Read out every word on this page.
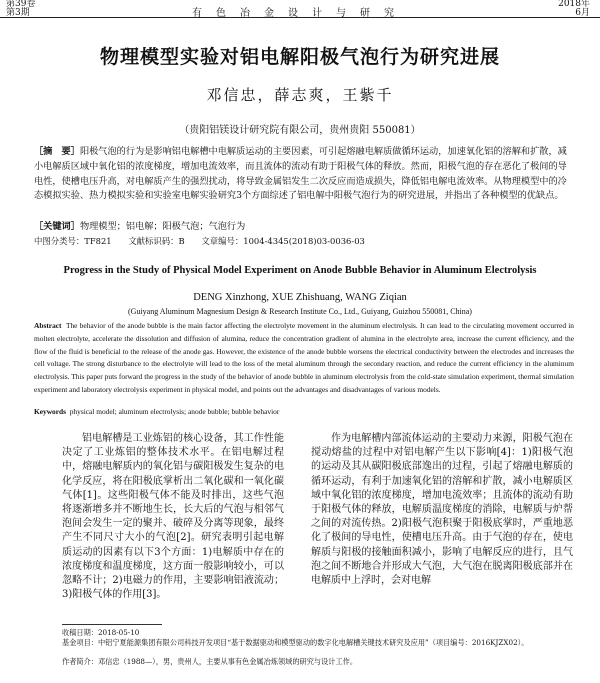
第39卷
第3期	有色冶金设计与研究
2018年
6月
物理模型实验对铝电解阳极气泡行为研究进展
邓信忠，薛志爽，王紫千
（贵阳铝镁设计研究院有限公司，贵州贵阳 550081）
［摘　要］阳极气泡的行为是影响铝电解槽中电解质运动的主要因素，可引起熔融电解质做循环运动，加速氧化铝的溶解和扩散，减小电解质区域中氧化铝的浓度梯度，增加电流效率，而且流体的流动有助于阳极气体的释放。然而，阳极气泡的存在恶化了极间的导电性，使槽电压升高，对电解质产生的强烈扰动，将导致金属铝发生二次反应而造成损失，降低铝电解电流效率。从物理模型中的冷态模拟实验、热力模拟实验和实验室电解实验研究3个方面综述了铝电解中阳极气泡行为的研究进展，并指出了各种模型的优缺点。
［关键词］物理模型；铝电解；阳极气泡；气泡行为
中图分类号：TF821 文献标识码：B 文章编号：1004-4345(2018)03-0036-03
Progress in the Study of Physical Model Experiment on Anode Bubble Behavior in Aluminum Electrolysis
DENG Xinzhong, XUE Zhishuang, WANG Ziqian
(Guiyang Aluminum Magnesium Design & Research Institute Co., Ltd., Guiyang, Guizhou 550081, China)
Abstract The behavior of the anode bubble is the main factor affecting the electrolyte movement in the aluminum electrolysis. It can lead to the circulating movement occurred in molten electrolyte, accelerate the dissolution and diffusion of alumina, reduce the concentration gradient of alumina in the electrolyte area, increase the current efficiency, and the flow of the fluid is beneficial to the release of the anode gas. However, the existence of the anode bubble worsens the electrical conductivity between the electrodes and increases the cell voltage. The strong disturbance to the electrolyte will lead to the loss of the metal aluminum through the secondary reaction, and reduce the current efficiency in the aluminum electrolysis. This paper puts forward the progress in the study of the behavior of anode bubble in aluminum electrolysis from the cold-state simulation experiment, thermal simulation experiment and laboratory electrolysis experiment in physical model, and points out the advantages and disadvantages of various models.
Keywords physical model; aluminum electrolysis; anode bubble; bubble behavior
铝电解槽是工业炼铝的核心设备，其工作性能决定了工业炼铝的整体技术水平。在铝电解过程中，熔融电解质内的氧化铝与碳阳极发生复杂的电化学反应，将在阳极底掌析出二氧化碳和一氧化碳气体[1]。这些阳极气体不能及时排出，这些气泡将逐渐增多并不断地生长，长大后的气泡与相邻气泡间会发生一定的聚并、破碎及分离等现象，最终产生不同尺寸大小的气泡[2]。研究表明引起电解质运动的因素有以下3个方面：1)电解质中存在的浓度梯度和温度梯度，这方面一般影响较小，可以忽略不计；2)电磁力的作用，主要影响铝液流动；3)阳极气体的作用[3]。
作为电解槽内部流体运动的主要动力来源，阳极气泡在搅动熔盐的过程中对铝电解产生以下影响[4]：1)阳极气泡的运动及其从碳阳极底部逸出的过程，引起了熔融电解质的循环运动，有利于加速氧化铝的溶解和扩散，减小电解质区域中氧化铝的浓度梯度，增加电流效率；且流体的流动有助于阳极气体的释放，电解质温度梯度的消除，电解质与炉帮之间的对流传热。2)阳极气泡积聚于阳极底掌时，严重地恶化了极间的导电性，使槽电压升高。由于气泡的存在，使电解质与阳极的接触面积减小，影响了电解反应的进行，且气泡之间不断地合并形成大气泡，大气泡在脱离阳极底部并在电解质中上浮时，会对电解
收稿日期：2018-05-10
基金项目：中铝宁夏能源集团有限公司科技开发项目“基于数据驱动和模型驱动的数字化电解槽关键技术研究及应用”（项目编号：2016KJZX02）。
作者简介：邓信忠（1988—），男，贵州人，主要从事有色金属冶炼领域的研究与设计工作。
